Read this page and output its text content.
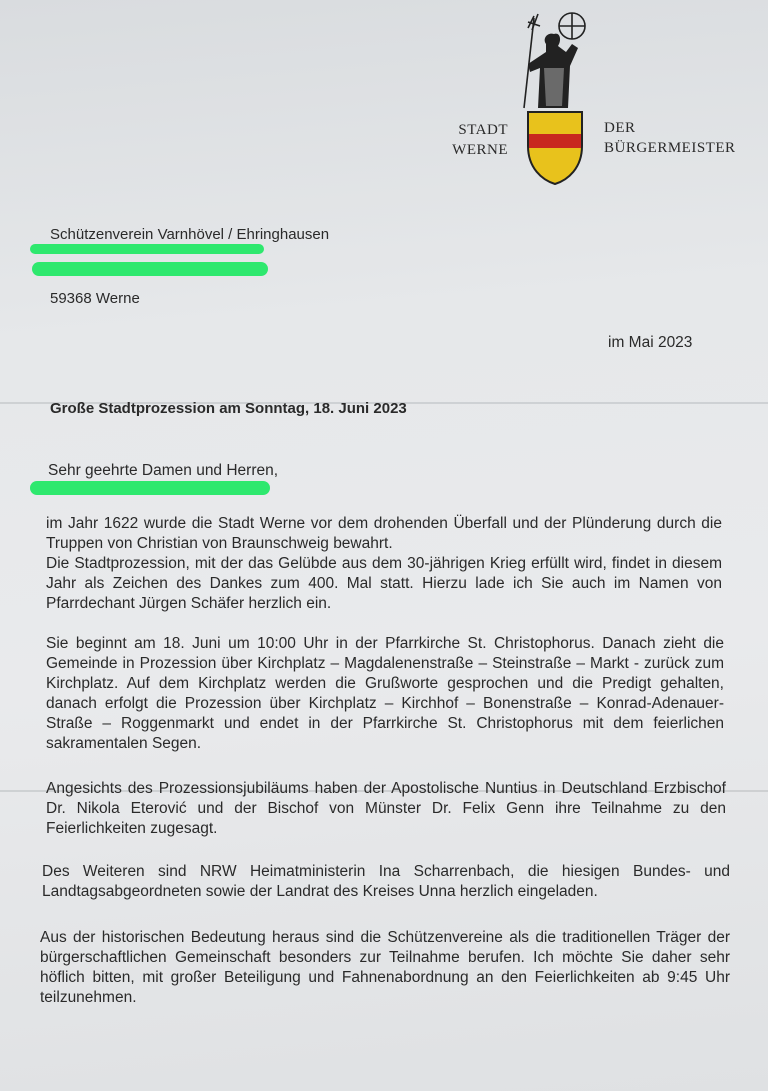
STADT
WERNE

DER
BÜRGERMEISTER

Schützenverein Varnhövel / Ehringhausen

59368 Werne

im Mai 2023

Große Stadtprozession am Sonntag, 18. Juni 2023

Sehr geehrte Damen und Herren,

im Jahr 1622 wurde die Stadt Werne vor dem drohenden Überfall und der Plünderung durch die Truppen von Christian von Braunschweig bewahrt.

Die Stadtprozession, mit der das Gelübde aus dem 30-jährigen Krieg erfüllt wird, findet in diesem Jahr als Zeichen des Dankes zum 400. Mal statt. Hierzu lade ich Sie auch im Namen von Pfarrdechant Jürgen Schäfer herzlich ein.

Sie beginnt am 18. Juni um 10:00 Uhr in der Pfarrkirche St. Christophorus. Danach zieht die Gemeinde in Prozession über Kirchplatz – Magdalenenstraße – Steinstraße – Markt - zurück zum Kirchplatz. Auf dem Kirchplatz werden die Grußworte gesprochen und die Predigt gehalten, danach erfolgt die Prozession über Kirchplatz – Kirchhof – Bonenstraße – Konrad-Adenauer-Straße – Roggenmarkt und endet in der Pfarrkirche St. Christophorus mit dem feierlichen sakramentalen Segen.

Angesichts des Prozessionsjubiläums haben der Apostolische Nuntius in Deutschland Erzbischof Dr. Nikola Eterović und der Bischof von Münster Dr. Felix Genn ihre Teilnahme zu den Feierlichkeiten zugesagt.

Des Weiteren sind NRW Heimatministerin Ina Scharrenbach, die hiesigen Bundes- und Landtagsabgeordneten sowie der Landrat des Kreises Unna herzlich eingeladen.

Aus der historischen Bedeutung heraus sind die Schützenvereine als die traditionellen Träger der bürgerschaftlichen Gemeinschaft besonders zur Teilnahme berufen. Ich möchte Sie daher sehr höflich bitten, mit großer Beteiligung und Fahnenabordnung an den Feierlichkeiten ab 9:45 Uhr teilzunehmen.
